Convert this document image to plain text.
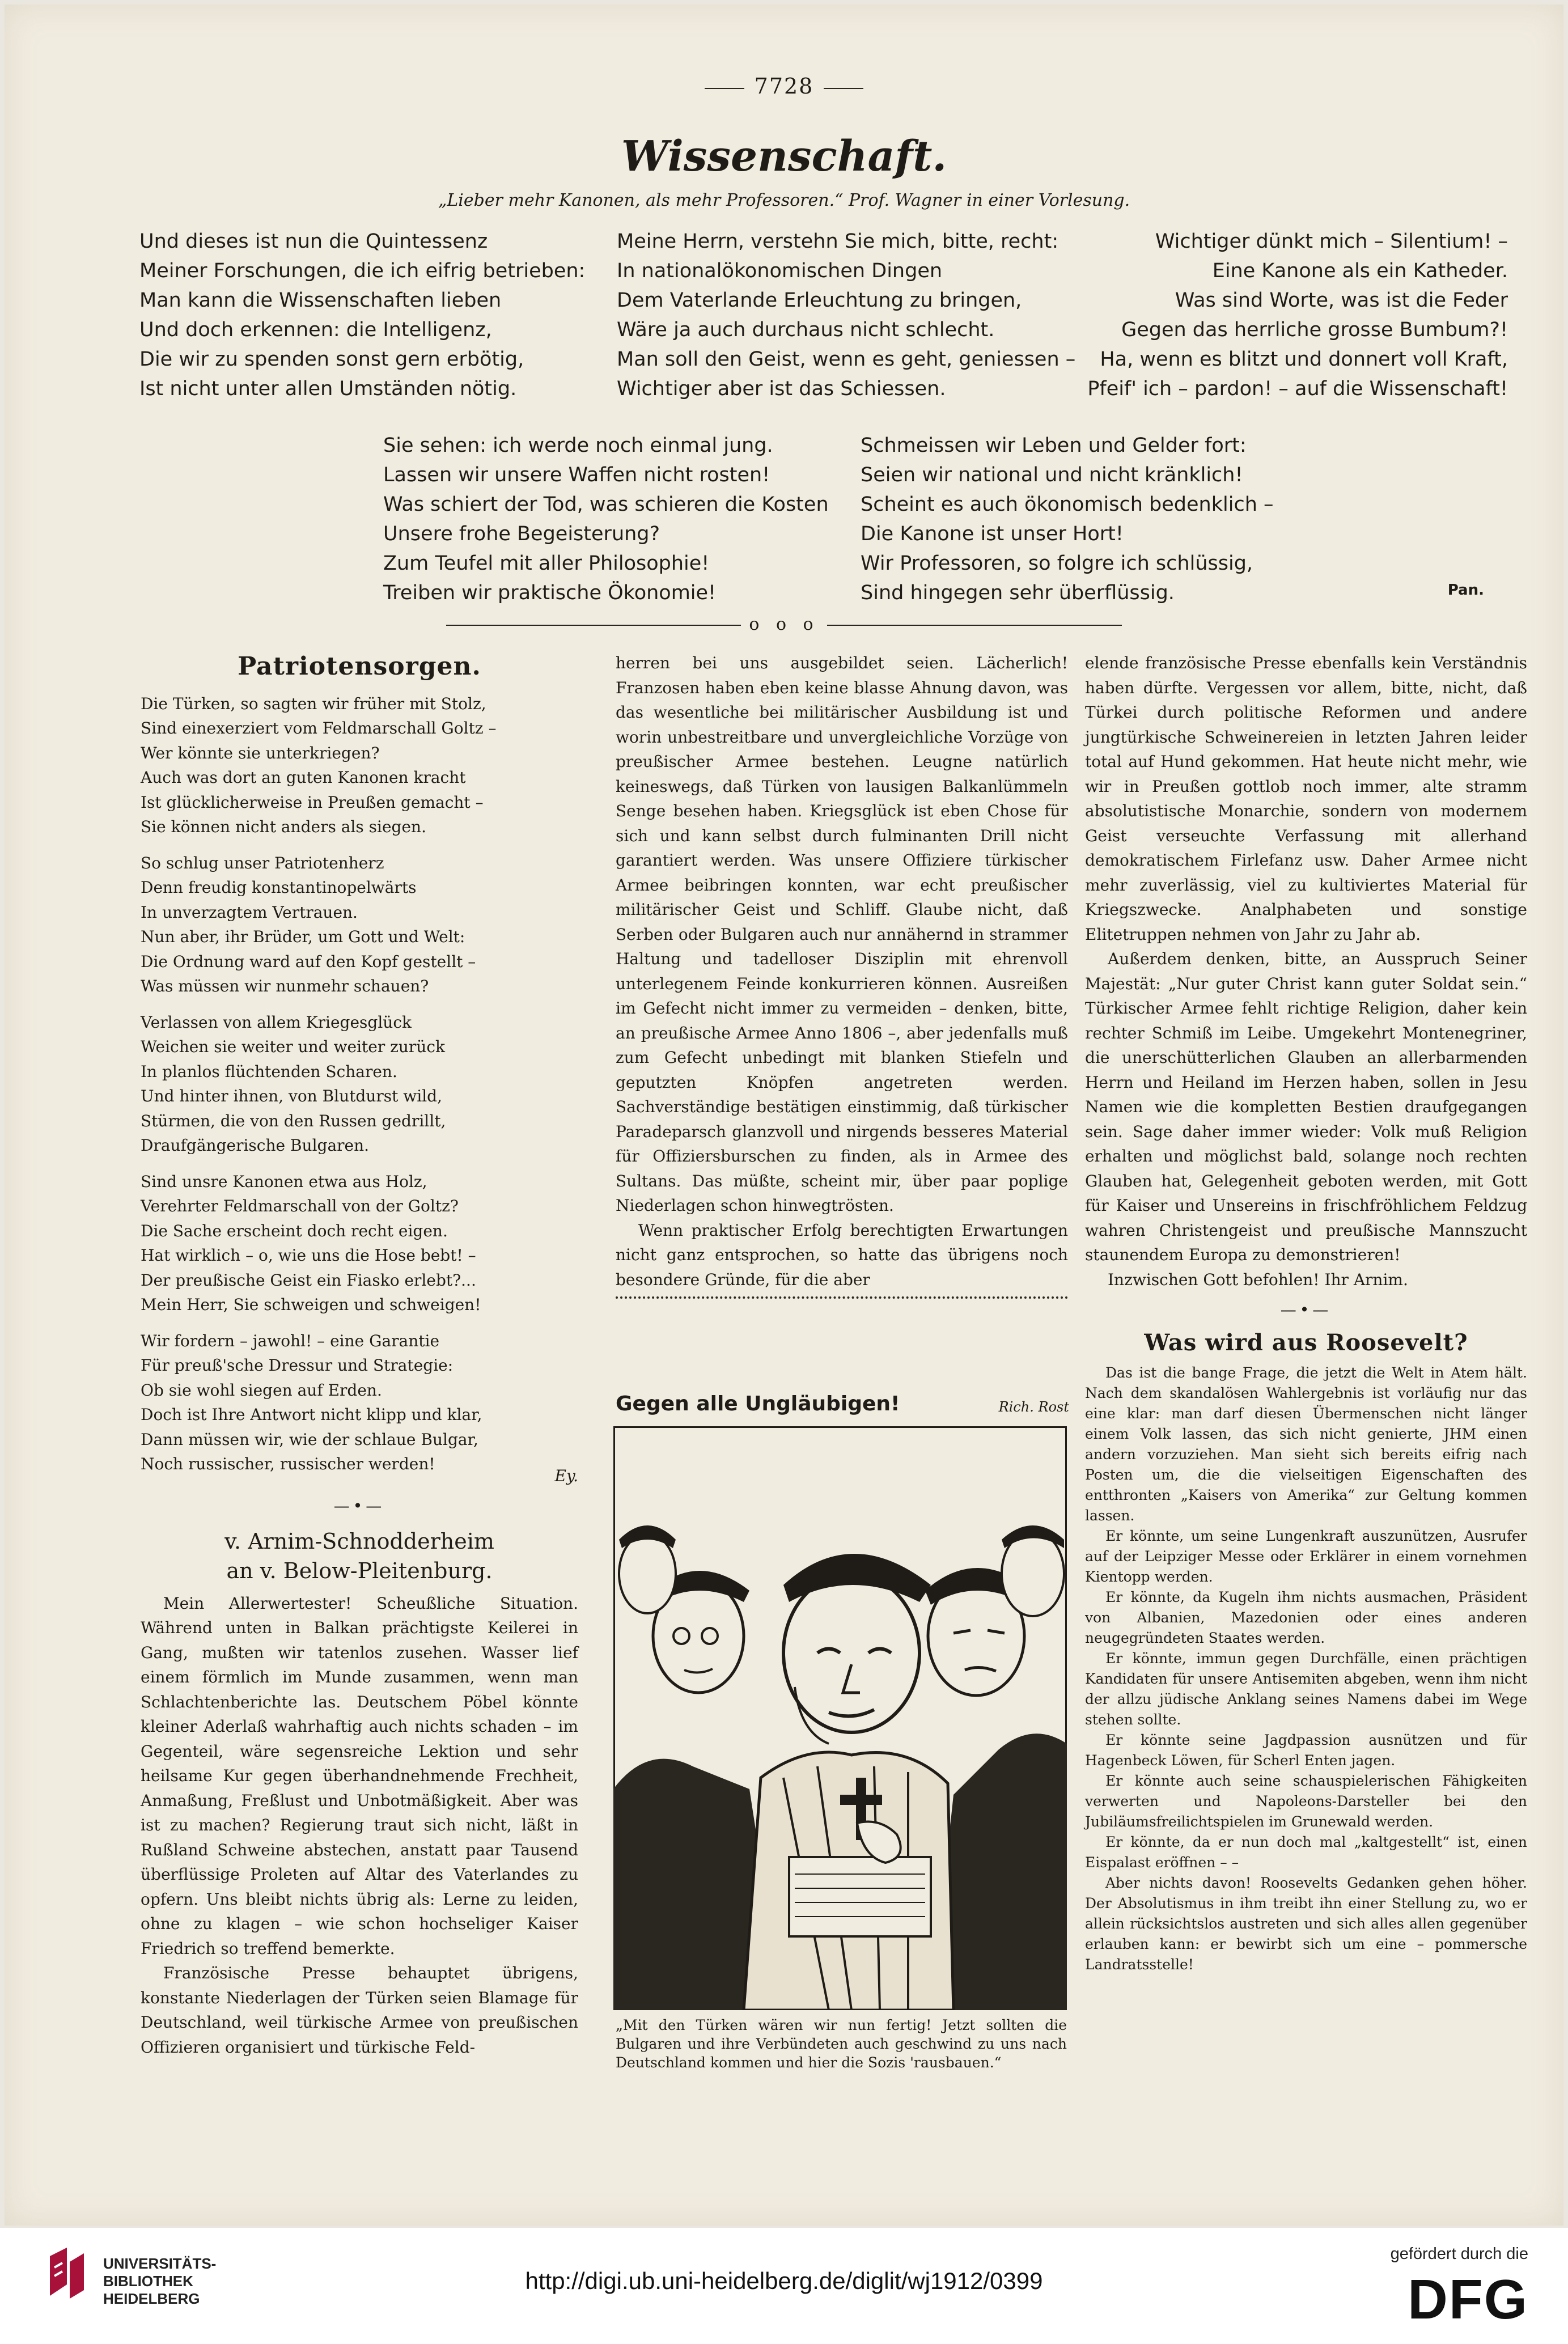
7728
Wissenschaft.
„Lieber mehr Kanonen, als mehr Professoren.“ Prof. Wagner in einer Vorlesung.
Und dieses ist nun die Quintessenz
Meiner Forschungen, die ich eifrig betrieben:
Man kann die Wissenschaften lieben
Und doch erkennen: die Intelligenz,
Die wir zu spenden sonst gern erbötig,
Ist nicht unter allen Umständen nötig.
Meine Herrn, verstehn Sie mich, bitte, recht:
In nationalökonomischen Dingen
Dem Vaterlande Erleuchtung zu bringen,
Wäre ja auch durchaus nicht schlecht.
Man soll den Geist, wenn es geht, geniessen –
Wichtiger aber ist das Schiessen.
Wichtiger dünkt mich – Silentium! –
Eine Kanone als ein Katheder.
Was sind Worte, was ist die Feder
Gegen das herrliche grosse Bumbum?!
Ha, wenn es blitzt und donnert voll Kraft,
Pfeif' ich – pardon! – auf die Wissenschaft!
Sie sehen: ich werde noch einmal jung.
Lassen wir unsere Waffen nicht rosten!
Was schiert der Tod, was schieren die Kosten
Unsere frohe Begeisterung?
Zum Teufel mit aller Philosophie!
Treiben wir praktische Ökonomie!
Schmeissen wir Leben und Gelder fort:
Seien wir national und nicht kränklich!
Scheint es auch ökonomisch bedenklich –
Die Kanone ist unser Hort!
Wir Professoren, so folgre ich schlüssig,
Sind hingegen sehr überflüssig.	Pan.
o o o
Patriotensorgen.

Die Türken, so sagten wir früher mit Stolz,

Sind einexerziert vom Feldmarschall Goltz –

Wer könnte sie unterkriegen?

Auch was dort an guten Kanonen kracht

Ist glücklicherweise in Preußen gemacht –

Sie können nicht anders als siegen.

So schlug unser Patriotenherz

Denn freudig konstantinopelwärts

In unverzagtem Vertrauen.

Nun aber, ihr Brüder, um Gott und Welt:

Die Ordnung ward auf den Kopf gestellt –

Was müssen wir nunmehr schauen?

Verlassen von allem Kriegesglück

Weichen sie weiter und weiter zurück

In planlos flüchtenden Scharen.

Und hinter ihnen, von Blutdurst wild,

Stürmen, die von den Russen gedrillt,

Draufgängerische Bulgaren.

Sind unsre Kanonen etwa aus Holz,

Verehrter Feldmarschall von der Goltz?

Die Sache erscheint doch recht eigen.

Hat wirklich – o, wie uns die Hose bebt! –

Der preußische Geist ein Fiasko erlebt?...

Mein Herr, Sie schweigen und schweigen!

Wir fordern – jawohl! – eine Garantie

Für preuß'sche Dressur und Strategie:

Ob sie wohl siegen auf Erden.

Doch ist Ihre Antwort nicht klipp und klar,

Dann müssen wir, wie der schlaue Bulgar,

Noch russischer, russischer werden!

Ey.
—•—

v. Arnim-Schnodderheim

an v. Below-Pleitenburg.

Mein Allerwertester! Scheußliche Situation. Während unten in Balkan prächtigste Keilerei in Gang, mußten wir tatenlos zusehen. Wasser lief einem förmlich im Munde zusammen, wenn man Schlachtenberichte las. Deutschem Pöbel könnte kleiner Aderlaß wahrhaftig auch nichts schaden – im Gegenteil, wäre segensreiche Lektion und sehr heilsame Kur gegen überhandnehmende Frechheit, Anmaßung, Freßlust und Unbotmäßigkeit. Aber was ist zu machen? Regierung traut sich nicht, läßt in Rußland Schweine abstechen, anstatt paar Tausend überflüssige Proleten auf Altar des Vaterlandes zu opfern. Uns bleibt nichts übrig als: Lerne zu leiden, ohne zu klagen – wie schon hochseliger Kaiser Friedrich so treffend bemerkte.

Französische Presse behauptet übrigens, konstante Niederlagen der Türken seien Blamage für Deutschland, weil türkische Armee von preußischen Offizieren organisiert und türkische Feld-

herren bei uns ausgebildet seien. Lächerlich! Franzosen haben eben keine blasse Ahnung davon, was das wesentliche bei militärischer Ausbildung ist und worin unbestreitbare und unvergleichliche Vorzüge von preußischer Armee bestehen. Leugne natürlich keineswegs, daß Türken von lausigen Balkanlümmeln Senge besehen haben. Kriegsglück ist eben Chose für sich und kann selbst durch fulminanten Drill nicht garantiert werden. Was unsere Offiziere türkischer Armee beibringen konnten, war echt preußischer militärischer Geist und Schliff. Glaube nicht, daß Serben oder Bulgaren auch nur annähernd in strammer Haltung und tadelloser Disziplin mit ehrenvoll unterlegenem Feinde konkurrieren können. Ausreißen im Gefecht nicht immer zu vermeiden – denken, bitte, an preußische Armee Anno 1806 –, aber jedenfalls muß zum Gefecht unbedingt mit blanken Stiefeln und geputzten Knöpfen angetreten werden. Sachverständige bestätigen einstimmig, daß türkischer Paradeparsch glanzvoll und nirgends besseres Material für Offiziersburschen zu finden, als in Armee des Sultans. Das müßte, scheint mir, über paar poplige Niederlagen schon hinwegtrösten.

Wenn praktischer Erfolg berechtigten Erwartungen nicht ganz entsprochen, so hatte das übrigens noch besondere Gründe, für die aber

Gegen alle Ungläubigen!	Rich. Rost
„Mit den Türken wären wir nun fertig! Jetzt sollten die Bulgaren und ihre Verbündeten auch geschwind zu uns nach Deutschland kommen und hier die Sozis 'rausbauen.“

elende französische Presse ebenfalls kein Verständnis haben dürfte. Vergessen vor allem, bitte, nicht, daß Türkei durch politische Reformen und andere jungtürkische Schweinereien in letzten Jahren leider total auf Hund gekommen. Hat heute nicht mehr, wie wir in Preußen gottlob noch immer, alte stramm absolutistische Monarchie, sondern von modernem Geist verseuchte Verfassung mit allerhand demokratischem Firlefanz usw. Daher Armee nicht mehr zuverlässig, viel zu kultiviertes Material für Kriegszwecke. Analphabeten und sonstige Elitetruppen nehmen von Jahr zu Jahr ab.

Außerdem denken, bitte, an Ausspruch Seiner Majestät: „Nur guter Christ kann guter Soldat sein.“ Türkischer Armee fehlt richtige Religion, daher kein rechter Schmiß im Leibe. Umgekehrt Montenegriner, die unerschütterlichen Glauben an allerbarmenden Herrn und Heiland im Herzen haben, sollen in Jesu Namen wie die kompletten Bestien draufgegangen sein. Sage daher immer wieder: Volk muß Religion erhalten und möglichst bald, solange noch rechten Glauben hat, Gelegenheit geboten werden, mit Gott für Kaiser und Unsereins in frischfröhlichem Feldzug wahren Christengeist und preußische Mannszucht staunendem Europa zu demonstrieren!

Inzwischen Gott befohlen! Ihr Arnim.

—•—
Was wird aus Roosevelt?

Das ist die bange Frage, die jetzt die Welt in Atem hält. Nach dem skandalösen Wahlergebnis ist vorläufig nur das eine klar: man darf diesen Übermenschen nicht länger einem Volk lassen, das sich nicht genierte, JHM einen andern vorzuziehen. Man sieht sich bereits eifrig nach Posten um, die die vielseitigen Eigenschaften des entthronten „Kaisers von Amerika“ zur Geltung kommen lassen.

Er könnte, um seine Lungenkraft auszunützen, Ausrufer auf der Leipziger Messe oder Erklärer in einem vornehmen Kientopp werden.

Er könnte, da Kugeln ihm nichts ausmachen, Präsident von Albanien, Mazedonien oder eines anderen neugegründeten Staates werden.

Er könnte, immun gegen Durchfälle, einen prächtigen Kandidaten für unsere Antisemiten abgeben, wenn ihm nicht der allzu jüdische Anklang seines Namens dabei im Wege stehen sollte.

Er könnte seine Jagdpassion ausnützen und für Hagenbeck Löwen, für Scherl Enten jagen.

Er könnte auch seine schauspielerischen Fähigkeiten verwerten und Napoleons-Darsteller bei den Jubiläumsfreilichtspielen im Grunewald werden.

Er könnte, da er nun doch mal „kaltgestellt“ ist, einen Eispalast eröffnen – –

Aber nichts davon! Roosevelts Gedanken gehen höher. Der Absolutismus in ihm treibt ihn einer Stellung zu, wo er allein rücksichtslos austreten und sich alles allen gegenüber erlauben kann: er bewirbt sich um eine – pommersche Landratsstelle!

UNIVERSITÄTS-
BIBLIOTHEK
HEIDELBERG
http://digi.ub.uni-heidelberg.de/diglit/wj1912/0399
gefördert durch die
DFG
